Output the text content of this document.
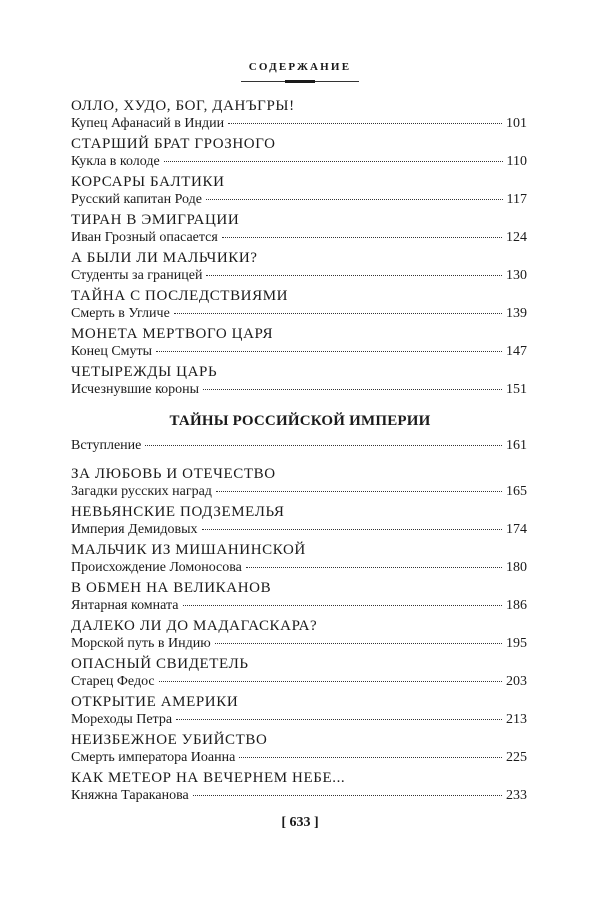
СОДЕРЖАНИЕ
ОЛЛО, ХУДО, БОГ, ДАНЪГРЫ!
Купец Афанасий в Индии	101
СТАРШИЙ БРАТ ГРОЗНОГО
Кукла в колоде	110
КОРСАРЫ БАЛТИКИ
Русский капитан Роде	117
ТИРАН В ЭМИГРАЦИИ
Иван Грозный опасается	124
А БЫЛИ ЛИ МАЛЬЧИКИ?
Студенты за границей	130
ТАЙНА С ПОСЛЕДСТВИЯМИ
Смерть в Угличе	139
МОНЕТА МЕРТВОГО ЦАРЯ
Конец Смуты	147
ЧЕТЫРЕЖДЫ ЦАРЬ
Исчезнувшие короны	151
ТАЙНЫ РОССИЙСКОЙ ИМПЕРИИ
Вступление	161
ЗА ЛЮБОВЬ И ОТЕЧЕСТВО
Загадки русских наград	165
НЕВЬЯНСКИЕ ПОДЗЕМЕЛЬЯ
Империя Демидовых	174
МАЛЬЧИК ИЗ МИШАНИНСКОЙ
Происхождение Ломоносова	180
В ОБМЕН НА ВЕЛИКАНОВ
Янтарная комната	186
ДАЛЕКО ЛИ ДО МАДАГАСКАРА?
Морской путь в Индию	195
ОПАСНЫЙ СВИДЕТЕЛЬ
Старец Федос	203
ОТКРЫТИЕ АМЕРИКИ
Мореходы Петра	213
НЕИЗБЕЖНОЕ УБИЙСТВО
Смерть императора Иоанна	225
КАК МЕТЕОР НА ВЕЧЕРНЕМ НЕБЕ...
Княжна Тараканова	233
[ 633 ]
